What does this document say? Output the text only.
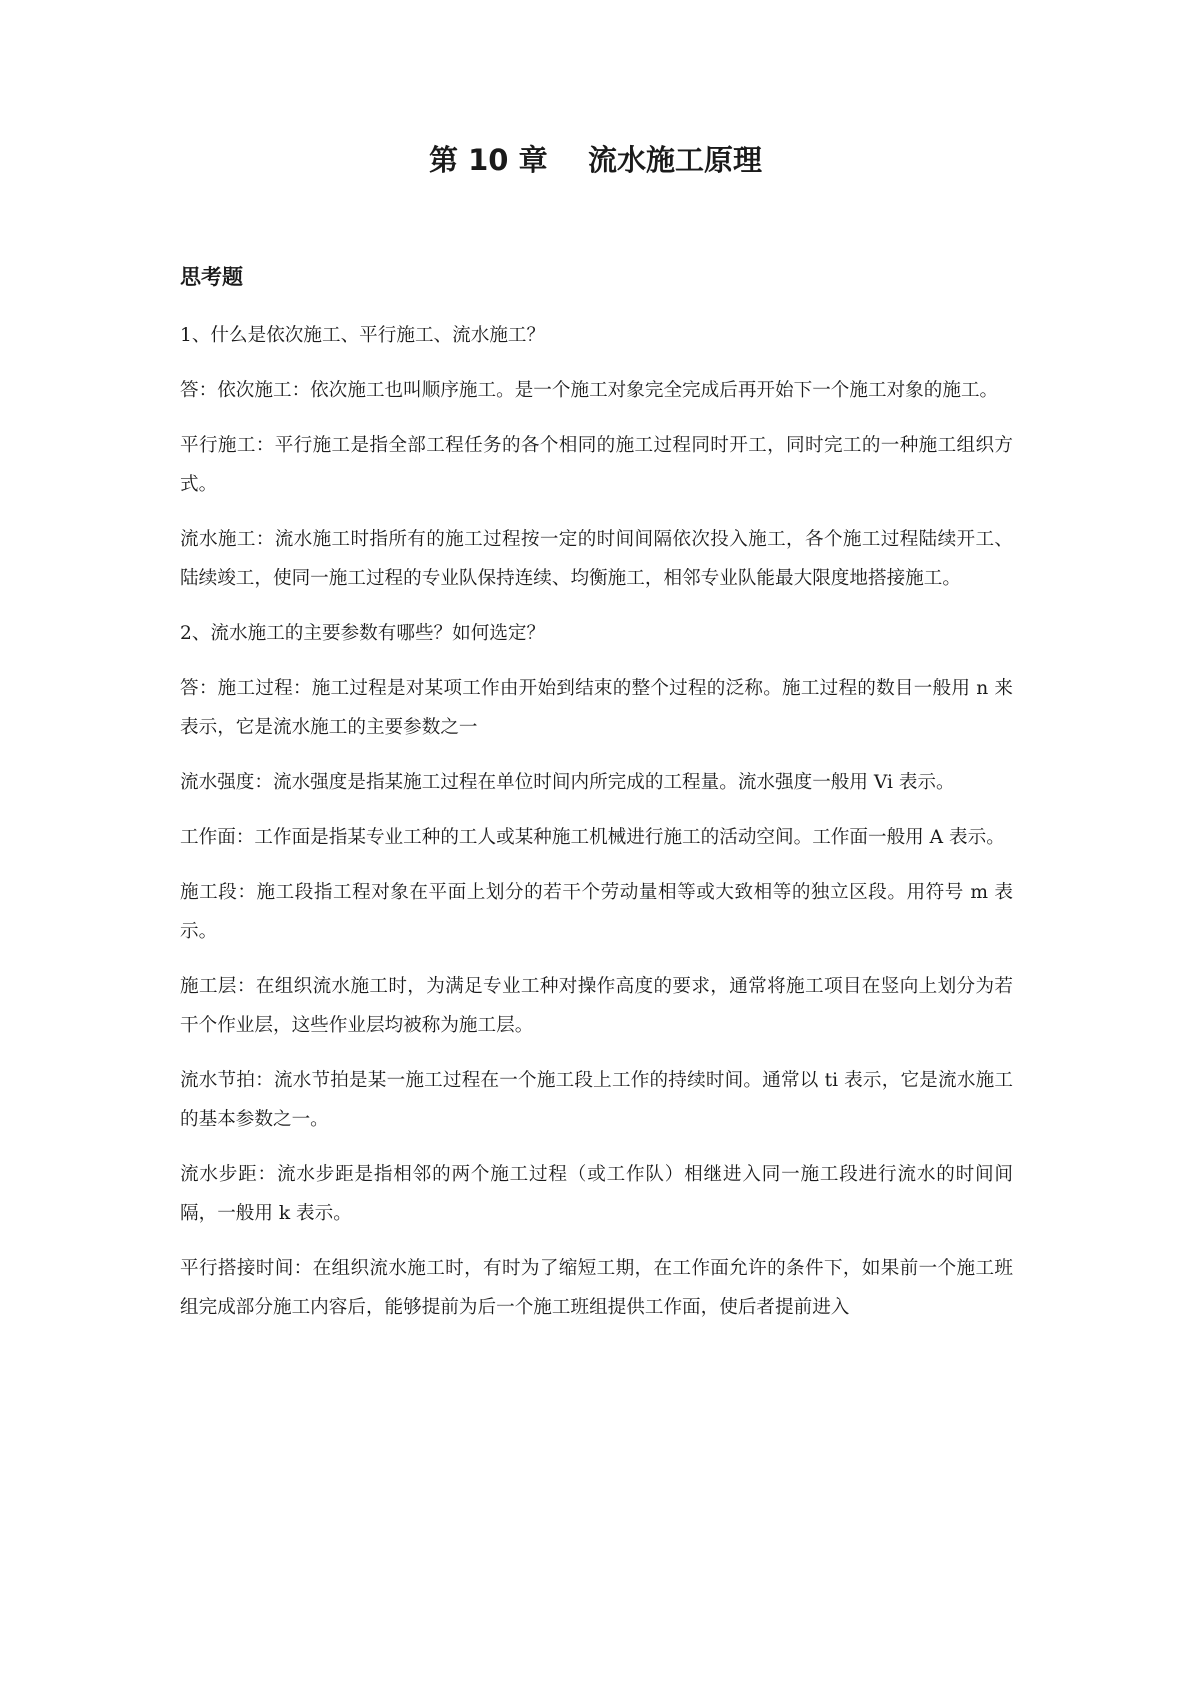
第 10 章    流水施工原理
思考题

1、什么是依次施工、平行施工、流水施工？

答：依次施工：依次施工也叫顺序施工。是一个施工对象完全完成后再开始下一个施工对象的施工。

平行施工：平行施工是指全部工程任务的各个相同的施工过程同时开工，同时完工的一种施工组织方式。

流水施工：流水施工时指所有的施工过程按一定的时间间隔依次投入施工，各个施工过程陆续开工、陆续竣工，使同一施工过程的专业队保持连续、均衡施工，相邻专业队能最大限度地搭接施工。

2、流水施工的主要参数有哪些？如何选定？

答：施工过程：施工过程是对某项工作由开始到结束的整个过程的泛称。施工过程的数目一般用 n 来表示，它是流水施工的主要参数之一

流水强度：流水强度是指某施工过程在单位时间内所完成的工程量。流水强度一般用 Vi 表示。

工作面：工作面是指某专业工种的工人或某种施工机械进行施工的活动空间。工作面一般用 A 表示。

施工段：施工段指工程对象在平面上划分的若干个劳动量相等或大致相等的独立区段。用符号 m 表示。

施工层：在组织流水施工时，为满足专业工种对操作高度的要求，通常将施工项目在竖向上划分为若干个作业层，这些作业层均被称为施工层。

流水节拍：流水节拍是某一施工过程在一个施工段上工作的持续时间。通常以 ti 表示，它是流水施工的基本参数之一。

流水步距：流水步距是指相邻的两个施工过程（或工作队）相继进入同一施工段进行流水的时间间隔，一般用 k 表示。

平行搭接时间：在组织流水施工时，有时为了缩短工期，在工作面允许的条件下，如果前一个施工班组完成部分施工内容后，能够提前为后一个施工班组提供工作面，使后者提前进入
